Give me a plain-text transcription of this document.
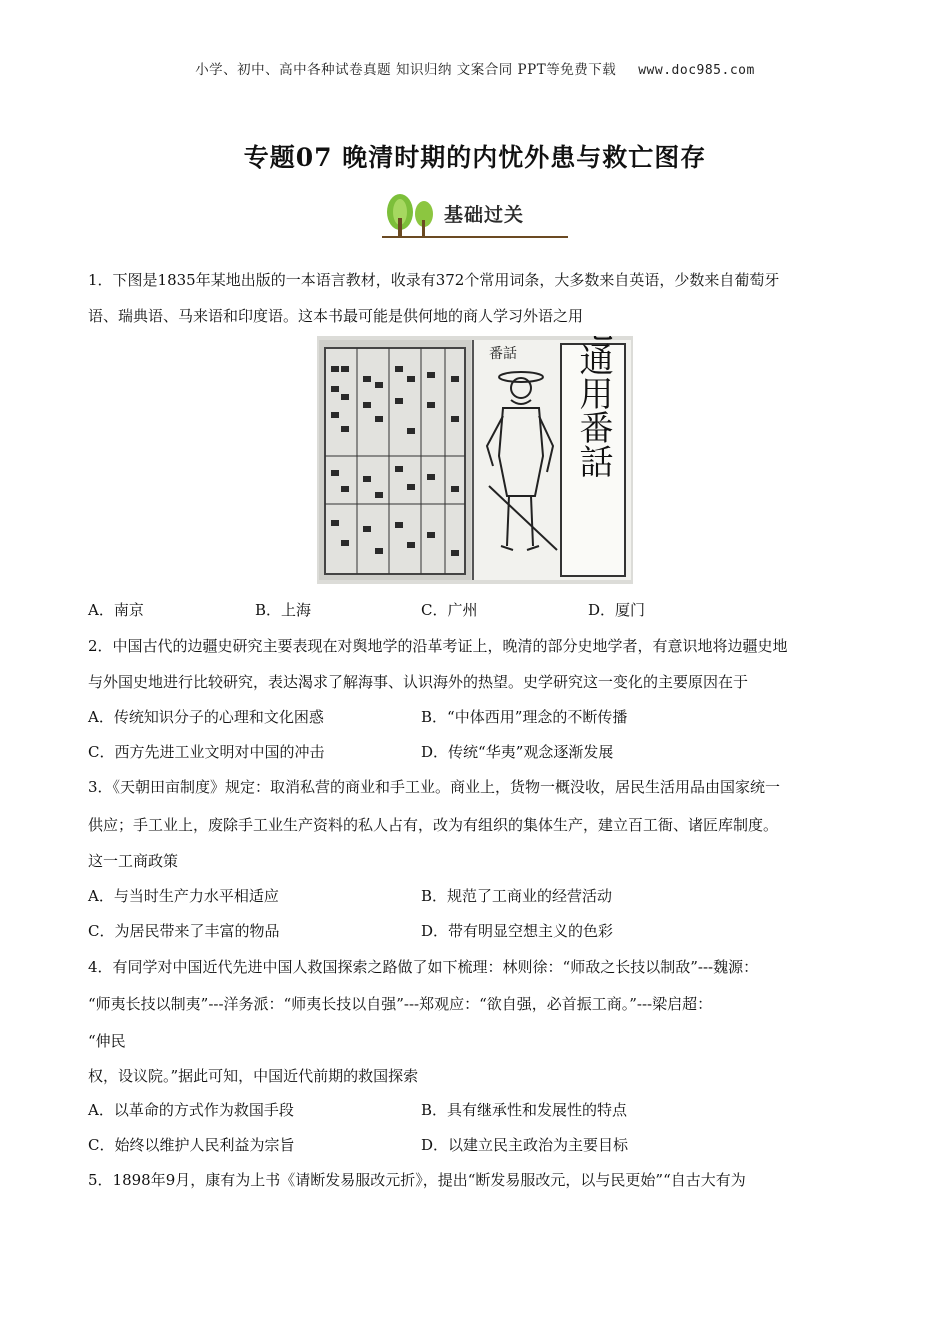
小学、初中、高中各种试卷真题 知识归纳 文案合同 PPT等免费下载 www.doc985.com
专题07 晚清时期的内忧外患与救亡图存
基础过关
1．下图是1835年某地出版的一本语言教材，收录有372个常用词条，大多数来自英语，少数来自葡萄牙
语、瑞典语、马来语和印度语。这本书最可能是供何地的商人学习外语之用
番話 紅毛通用番話
A．南京	B．上海	C．广州	D．厦门
2．中国古代的边疆史研究主要表现在对舆地学的沿革考证上，晚清的部分史地学者，有意识地将边疆史地
与外国史地进行比较研究，表达渴求了解海事、认识海外的热望。史学研究这一变化的主要原因在于
A．传统知识分子的心理和文化困惑	B．“中体西用”理念的不断传播
C．西方先进工业文明对中国的冲击	D．传统“华夷”观念逐渐发展
3．《天朝田亩制度》规定：取消私营的商业和手工业。商业上，货物一概没收，居民生活用品由国家统一
供应；手工业上，废除手工业生产资料的私人占有，改为有组织的集体生产，建立百工衙、诸匠库制度。
这一工商政策
A．与当时生产力水平相适应	B．规范了工商业的经营活动
C．为居民带来了丰富的物品	D．带有明显空想主义的色彩
4．有同学对中国近代先进中国人救国探索之路做了如下梳理：林则徐：“师敌之长技以制敌”---魏源：
“师夷长技以制夷”---洋务派：“师夷长技以自强”---郑观应：“欲自强，必首振工商。”---梁启超：
“伸民
权，设议院。”据此可知，中国近代前期的救国探索
A．以革命的方式作为救国手段	B．具有继承性和发展性的特点
C．始终以维护人民利益为宗旨	D．以建立民主政治为主要目标
5．1898年9月，康有为上书《请断发易服改元折》，提出“断发易服改元，以与民更始”“自古大有为
